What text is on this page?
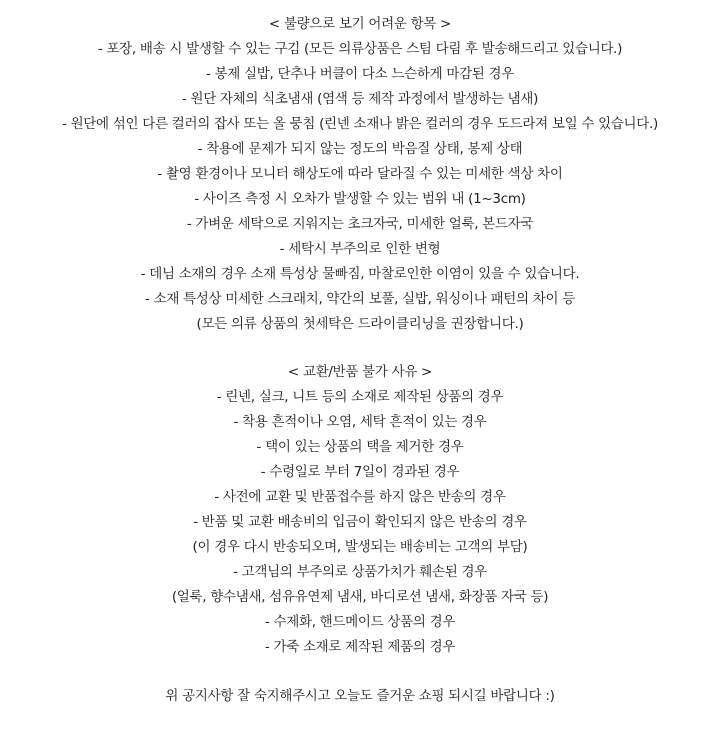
< 불량으로 보기 어려운 항목 >
- 포장, 배송 시 발생할 수 있는 구김 (모든 의류상품은 스팀 다림 후 발송해드리고 있습니다.)
- 봉제 실밥, 단추나 버클이 다소 느슨하게 마감된 경우
- 원단 자체의 식초냄새 (염색 등 제작 과정에서 발생하는 냄새)
- 원단에 섞인 다른 컬러의 잡사 또는 올 뭉침 (린넨 소재나 밝은 컬러의 경우 도드라져 보일 수 있습니다.)
- 착용에 문제가 되지 않는 정도의 박음질 상태, 봉제 상태
- 촬영 환경이나 모니터 해상도에 따라 달라질 수 있는 미세한 색상 차이
- 사이즈 측정 시 오차가 발생할 수 있는 범위 내 (1~3cm)
- 가벼운 세탁으로 지워지는 초크자국, 미세한 얼룩, 본드자국
- 세탁시 부주의로 인한 변형
- 데님 소재의 경우 소재 특성상 물빠짐, 마찰로인한 이염이 있을 수 있습니다.
- 소재 특성상 미세한 스크래치, 약간의 보풀, 실밥, 워싱이나 패턴의 차이 등
(모든 의류 상품의 첫세탁은 드라이클리닝을 권장합니다.)
< 교환/반품 불가 사유 >
- 린넨, 실크, 니트 등의 소재로 제작된 상품의 경우
- 착용 흔적이나 오염, 세탁 흔적이 있는 경우
- 택이 있는 상품의 택을 제거한 경우
- 수령일로 부터 7일이 경과된 경우
- 사전에 교환 및 반품접수를 하지 않은 반송의 경우
- 반품 및 교환 배송비의 입금이 확인되지 않은 반송의 경우
(이 경우 다시 반송되오며, 발생되는 배송비는 고객의 부담)
- 고객님의 부주의로 상품가치가 훼손된 경우
(얼룩, 향수냄새, 섬유유연제 냄새, 바디로션 냄새, 화장품 자국 등)
- 수제화, 핸드메이드 상품의 경우
- 가죽 소재로 제작된 제품의 경우
위 공지사항 잘 숙지해주시고 오늘도 즐거운 쇼핑 되시길 바랍니다 :)
